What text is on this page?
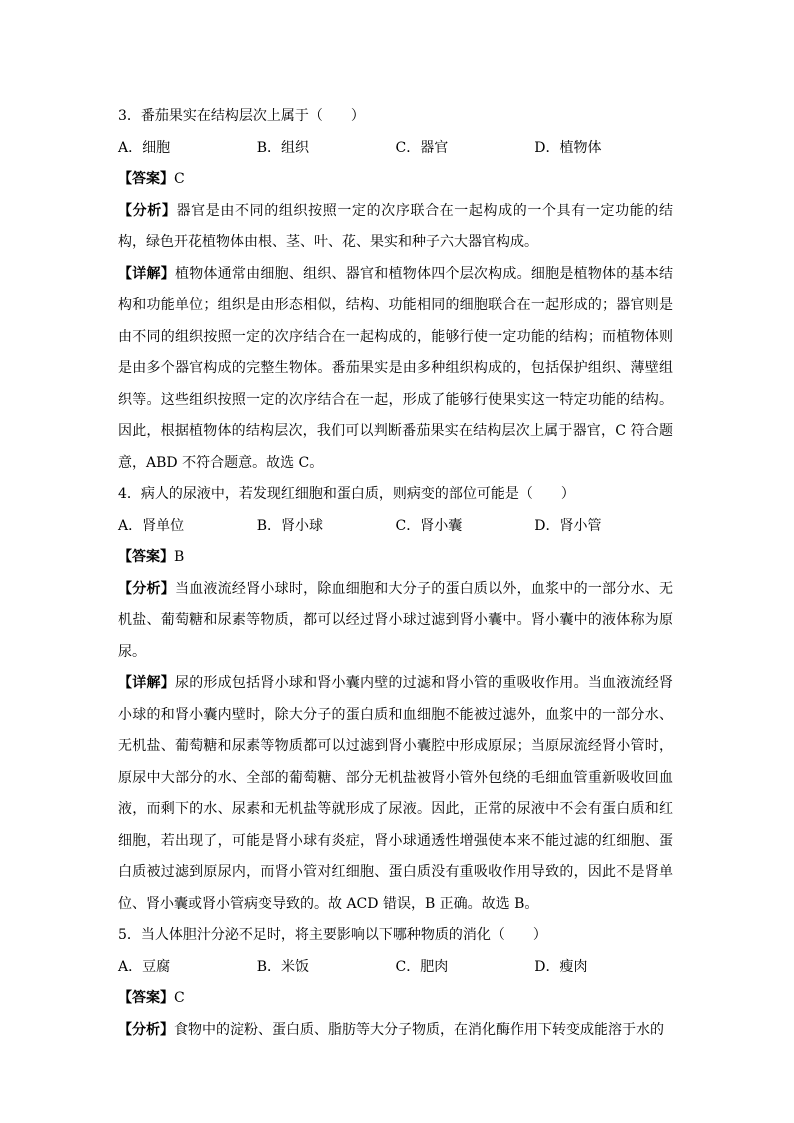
3．番茄果实在结构层次上属于（　　）

A．细胞	B．组织	C．器官	D．植物体

【答案】C

【分析】器官是由不同的组织按照一定的次序联合在一起构成的一个具有一定功能的结构，绿色开花植物体由根、茎、叶、花、果实和种子六大器官构成。

【详解】植物体通常由细胞、组织、器官和植物体四个层次构成。细胞是植物体的基本结构和功能单位；组织是由形态相似，结构、功能相同的细胞联合在一起形成的；器官则是由不同的组织按照一定的次序结合在一起构成的，能够行使一定功能的结构；而植物体则是由多个器官构成的完整生物体。番茄果实是由多种组织构成的，包括保护组织、薄壁组织等。这些组织按照一定的次序结合在一起，形成了能够行使果实这一特定功能的结构。因此，根据植物体的结构层次，我们可以判断番茄果实在结构层次上属于器官，C 符合题意，ABD 不符合题意。故选 C。

4．病人的尿液中，若发现红细胞和蛋白质，则病变的部位可能是（　　）

A．肾单位	B．肾小球	C．肾小囊	D．肾小管

【答案】B

【分析】当血液流经肾小球时，除血细胞和大分子的蛋白质以外，血浆中的一部分水、无机盐、葡萄糖和尿素等物质，都可以经过肾小球过滤到肾小囊中。肾小囊中的液体称为原尿。

【详解】尿的形成包括肾小球和肾小囊内壁的过滤和肾小管的重吸收作用。当血液流经肾小球的和肾小囊内壁时，除大分子的蛋白质和血细胞不能被过滤外，血浆中的一部分水、无机盐、葡萄糖和尿素等物质都可以过滤到肾小囊腔中形成原尿；当原尿流经肾小管时，原尿中大部分的水、全部的葡萄糖、部分无机盐被肾小管外包绕的毛细血管重新吸收回血液，而剩下的水、尿素和无机盐等就形成了尿液。因此，正常的尿液中不会有蛋白质和红细胞，若出现了，可能是肾小球有炎症，肾小球通透性增强使本来不能过滤的红细胞、蛋白质被过滤到原尿内，而肾小管对红细胞、蛋白质没有重吸收作用导致的，因此不是肾单位、肾小囊或肾小管病变导致的。故 ACD 错误，B 正确。故选 B。

5．当人体胆汁分泌不足时，将主要影响以下哪种物质的消化（　　）

A．豆腐	B．米饭	C．肥肉	D．瘦肉

【答案】C

【分析】食物中的淀粉、蛋白质、脂肪等大分子物质，在消化酶作用下转变成能溶于水的
